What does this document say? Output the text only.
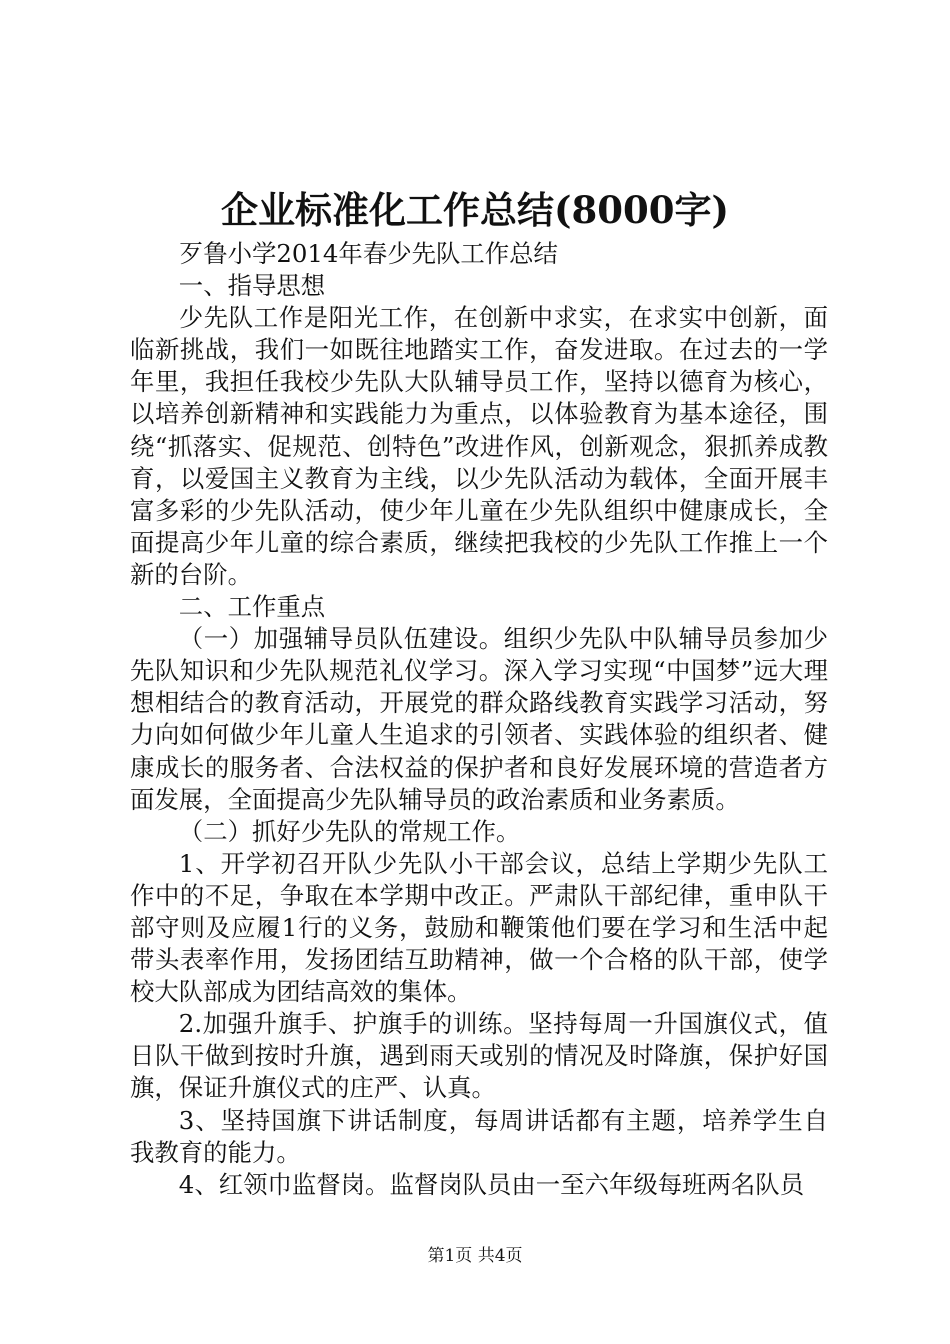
企业标准化工作总结(8000字)

歹鲁小学2014年春少先队工作总结

一、指导思想

少先队工作是阳光工作，在创新中求实，在求实中创新，面临新挑战，我们一如既往地踏实工作，奋发进取。在过去的一学年里，我担任我校少先队大队辅导员工作，坚持以德育为核心，以培养创新精神和实践能力为重点，以体验教育为基本途径，围绕“抓落实、促规范、创特色”改进作风，创新观念，狠抓养成教育，以爱国主义教育为主线，以少先队活动为载体，全面开展丰富多彩的少先队活动，使少年儿童在少先队组织中健康成长，全面提高少年儿童的综合素质，继续把我校的少先队工作推上一个新的台阶。

二、工作重点

（一）加强辅导员队伍建设。组织少先队中队辅导员参加少先队知识和少先队规范礼仪学习。深入学习实现“中国梦”远大理想相结合的教育活动，开展党的群众路线教育实践学习活动，努力向如何做少年儿童人生追求的引领者、实践体验的组织者、健康成长的服务者、合法权益的保护者和良好发展环境的营造者方面发展，全面提高少先队辅导员的政治素质和业务素质。

（二）抓好少先队的常规工作。

1、开学初召开队少先队小干部会议，总结上学期少先队工作中的不足，争取在本学期中改正。严肃队干部纪律，重申队干部守则及应履1行的义务，鼓励和鞭策他们要在学习和生活中起带头表率作用，发扬团结互助精神，做一个合格的队干部，使学校大队部成为团结高效的集体。

2.加强升旗手、护旗手的训练。坚持每周一升国旗仪式，值日队干做到按时升旗，遇到雨天或别的情况及时降旗，保护好国旗，保证升旗仪式的庄严、认真。

3、坚持国旗下讲话制度，每周讲话都有主题，培养学生自我教育的能力。

4、红领巾监督岗。监督岗队员由一至六年级每班两名队员

第1页 共4页
